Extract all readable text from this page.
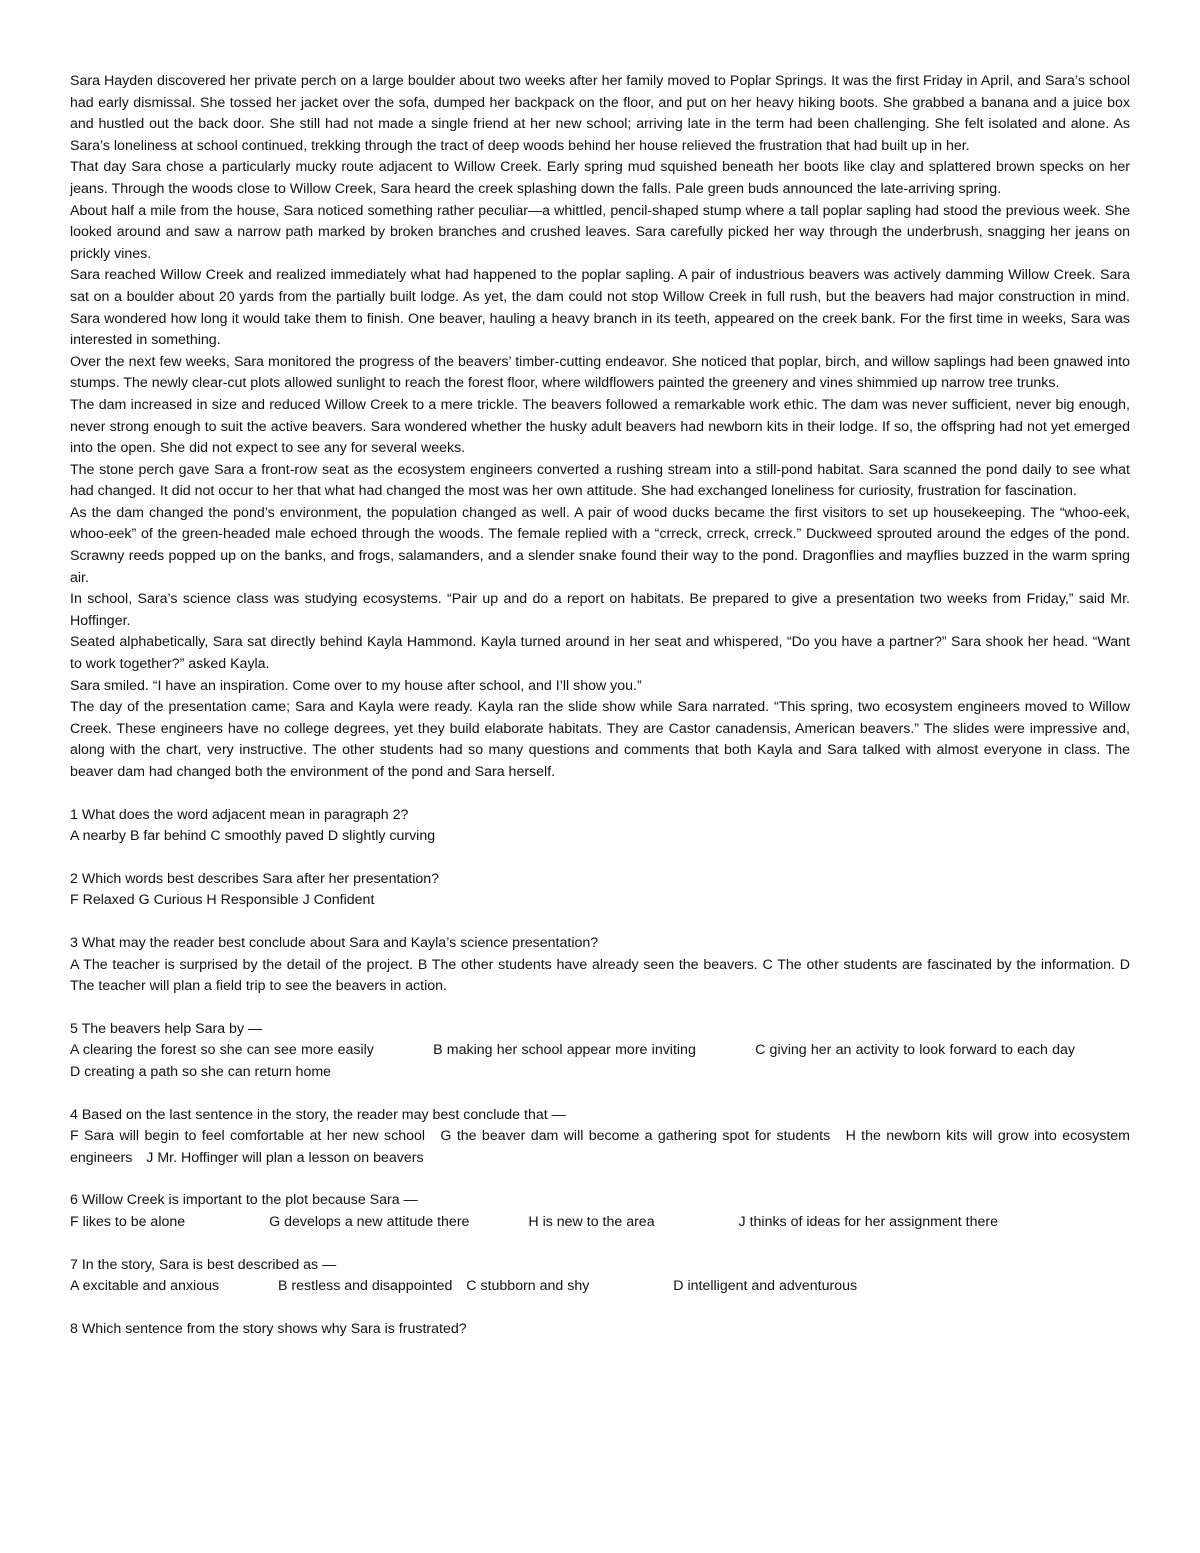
Sara Hayden discovered her private perch on a large boulder about two weeks after her family moved to Poplar Springs. It was the first Friday in April, and Sara’s school had early dismissal. She tossed her jacket over the sofa, dumped her backpack on the floor, and put on her heavy hiking boots. She grabbed a banana and a juice box and hustled out the back door. She still had not made a single friend at her new school; arriving late in the term had been challenging. She felt isolated and alone. As Sara’s loneliness at school continued, trekking through the tract of deep woods behind her house relieved the frustration that had built up in her.

That day Sara chose a particularly mucky route adjacent to Willow Creek. Early spring mud squished beneath her boots like clay and splattered brown specks on her jeans. Through the woods close to Willow Creek, Sara heard the creek splashing down the falls. Pale green buds announced the late-arriving spring.

About half a mile from the house, Sara noticed something rather peculiar—a whittled, pencil-shaped stump where a tall poplar sapling had stood the previous week. She looked around and saw a narrow path marked by broken branches and crushed leaves. Sara carefully picked her way through the underbrush, snagging her jeans on prickly vines.

Sara reached Willow Creek and realized immediately what had happened to the poplar sapling. A pair of industrious beavers was actively damming Willow Creek. Sara sat on a boulder about 20 yards from the partially built lodge. As yet, the dam could not stop Willow Creek in full rush, but the beavers had major construction in mind. Sara wondered how long it would take them to finish. One beaver, hauling a heavy branch in its teeth, appeared on the creek bank. For the first time in weeks, Sara was interested in something.

Over the next few weeks, Sara monitored the progress of the beavers’ timber-cutting endeavor. She noticed that poplar, birch, and willow saplings had been gnawed into stumps. The newly clear-cut plots allowed sunlight to reach the forest floor, where wildflowers painted the greenery and vines shimmied up narrow tree trunks.

The dam increased in size and reduced Willow Creek to a mere trickle. The beavers followed a remarkable work ethic. The dam was never sufficient, never big enough, never strong enough to suit the active beavers. Sara wondered whether the husky adult beavers had newborn kits in their lodge. If so, the offspring had not yet emerged into the open. She did not expect to see any for several weeks.

The stone perch gave Sara a front-row seat as the ecosystem engineers converted a rushing stream into a still-pond habitat. Sara scanned the pond daily to see what had changed. It did not occur to her that what had changed the most was her own attitude. She had exchanged loneliness for curiosity, frustration for fascination.

As the dam changed the pond’s environment, the population changed as well. A pair of wood ducks became the first visitors to set up housekeeping. The “whoo-eek, whoo-eek” of the green-headed male echoed through the woods. The female replied with a “crreck, crreck, crreck.” Duckweed sprouted around the edges of the pond. Scrawny reeds popped up on the banks, and frogs, salamanders, and a slender snake found their way to the pond. Dragonflies and mayflies buzzed in the warm spring air.

In school, Sara’s science class was studying ecosystems. “Pair up and do a report on habitats. Be prepared to give a presentation two weeks from Friday,” said Mr. Hoffinger.

Seated alphabetically, Sara sat directly behind Kayla Hammond. Kayla turned around in her seat and whispered, “Do you have a partner?” Sara shook her head. “Want to work together?” asked Kayla.

Sara smiled. “I have an inspiration. Come over to my house after school, and I’ll show you.”

The day of the presentation came; Sara and Kayla were ready. Kayla ran the slide show while Sara narrated. “This spring, two ecosystem engineers moved to Willow Creek. These engineers have no college degrees, yet they build elaborate habitats. They are Castor canadensis, American beavers.” The slides were impressive and, along with the chart, very instructive. The other students had so many questions and comments that both Kayla and Sara talked with almost everyone in class. The beaver dam had changed both the environment of the pond and Sara herself.

1 What does the word adjacent mean in paragraph 2?

A nearby B far behind C smoothly paved D slightly curving

2 Which words best describes Sara after her presentation?

F Relaxed G Curious H Responsible J Confident

3 What may the reader best conclude about Sara and Kayla’s science presentation?

A The teacher is surprised by the detail of the project. B The other students have already seen the beavers. C The other students are fascinated by the information. D The teacher will plan a field trip to see the beavers in action.

5 The beavers help Sara by —

A clearing the forest so she can see more easily	B making her school appear more inviting	C giving her an activity to look forward to each day D creating a path so she can return home

4 Based on the last sentence in the story, the reader may best conclude that —

F Sara will begin to feel comfortable at her new school G the beaver dam will become a gathering spot for students H the newborn kits will grow into ecosystem engineers J Mr. Hoffinger will plan a lesson on beavers

6 Willow Creek is important to the plot because Sara —

F likes to be alone	G develops a new attitude there	H is new to the area	J thinks of ideas for her assignment there

7 In the story, Sara is best described as —

A excitable and anxious	B restless and disappointed C stubborn and shy	D intelligent and adventurous

8 Which sentence from the story shows why Sara is frustrated?
